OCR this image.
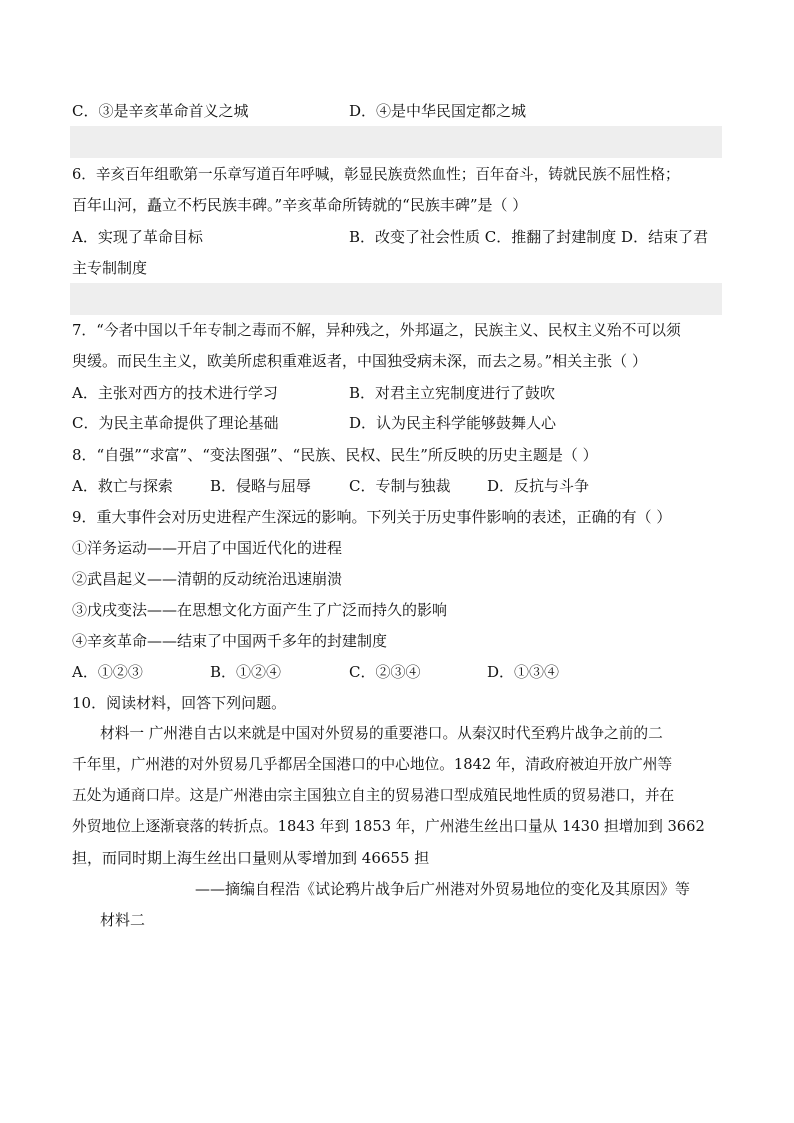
C．③是辛亥革命首义之城	D．④是中华民国定都之城
6．辛亥百年组歌第一乐章写道百年呼喊，彰显民族贲然血性；百年奋斗，铸就民族不屈性格；
百年山河，矗立不朽民族丰碑。”辛亥革命所铸就的“民族丰碑”是（ ）
A．实现了革命目标	B．改变了社会性质 C．推翻了封建制度 D．结束了君
主专制制度
7．“今者中国以千年专制之毒而不解，异种残之，外邦逼之，民族主义、民权主义殆不可以须
臾缓。而民生主义，欧美所虑积重难返者，中国独受病未深，而去之易。”相关主张（ ）
A．主张对西方的技术进行学习	B．对君主立宪制度进行了鼓吹
C．为民主革命提供了理论基础	D．认为民主科学能够鼓舞人心
8．“自强”“求富”、“变法图强”、“民族、民权、民生”所反映的历史主题是（ ）
A．救亡与探索 B．侵略与屈辱	C．专制与独裁 D．反抗与斗争
9．重大事件会对历史进程产生深远的影响。下列关于历史事件影响的表述，正确的有（ ）
①洋务运动——开启了中国近代化的进程
②武昌起义——清朝的反动统治迅速崩溃
③戊戌变法——在思想文化方面产生了广泛而持久的影响
④辛亥革命——结束了中国两千多年的封建制度
A．①②③	B．①②④	C．②③④	D．①③④
10．阅读材料，回答下列问题。
材料一 广州港自古以来就是中国对外贸易的重要港口。从秦汉时代至鸦片战争之前的二
千年里，广州港的对外贸易几乎都居全国港口的中心地位。1842 年，清政府被迫开放广州等
五处为通商口岸。这是广州港由宗主国独立自主的贸易港口型成殖民地性质的贸易港口，并在
外贸地位上逐渐衰落的转折点。1843 年到 1853 年，广州港生丝出口量从 1430 担增加到 3662
担，而同时期上海生丝出口量则从零增加到 46655 担
——摘编自程浩《试论鸦片战争后广州港对外贸易地位的变化及其原因》等
材料二
